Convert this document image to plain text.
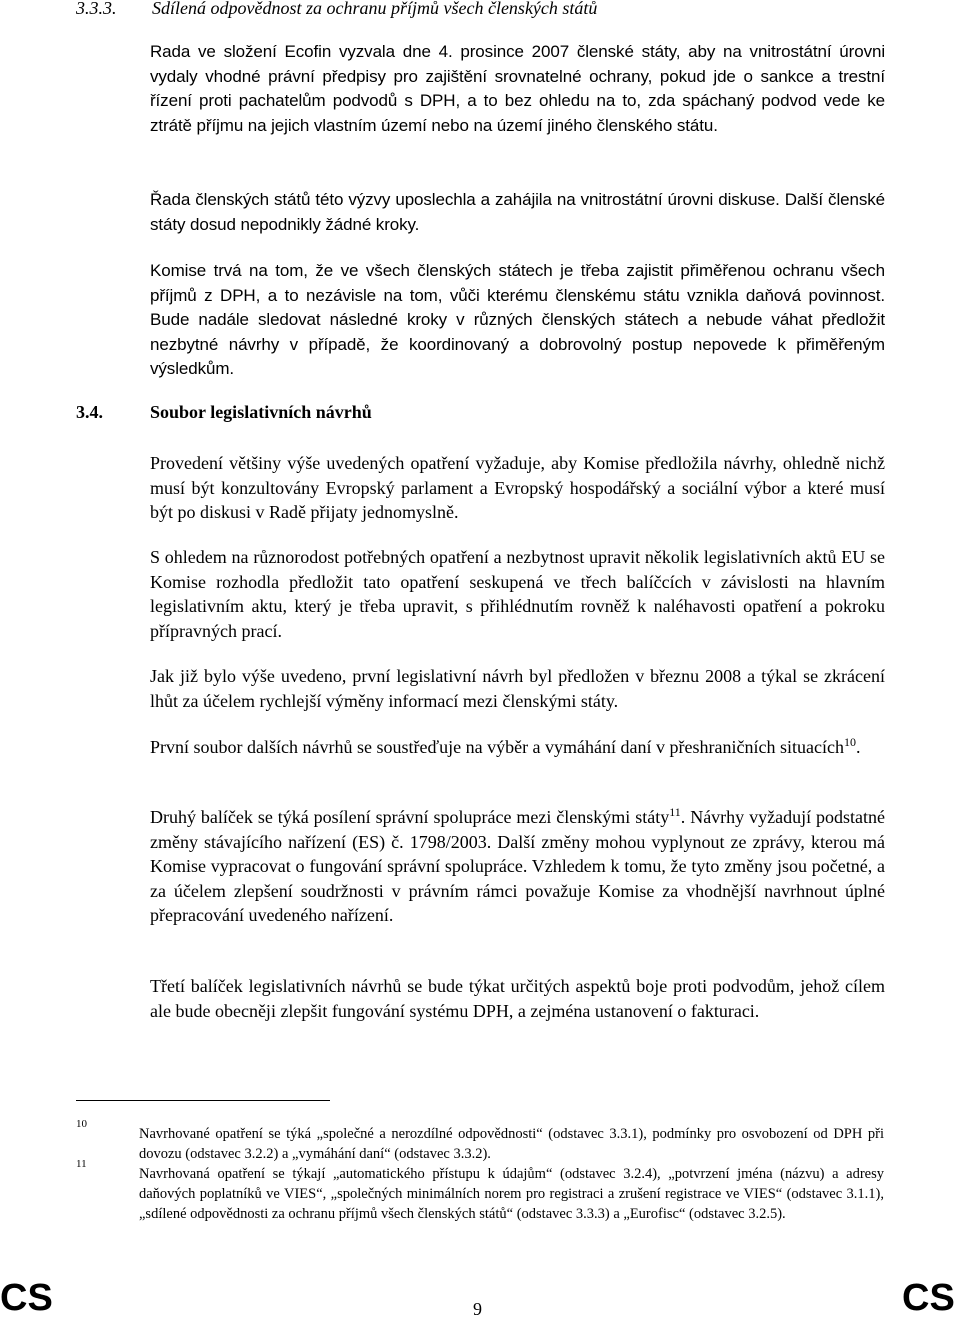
3.3.3. Sdílená odpovědnost za ochranu příjmů všech členských států

Rada ve složení Ecofin vyzvala dne 4. prosince 2007 členské státy, aby na vnitrostátní úrovni vydaly vhodné právní předpisy pro zajištění srovnatelné ochrany, pokud jde o sankce a trestní řízení proti pachatelům podvodů s DPH, a to bez ohledu na to, zda spáchaný podvod vede ke ztrátě příjmu na jejich vlastním území nebo na území jiného členského státu.

Řada členských států této výzvy uposlechla a zahájila na vnitrostátní úrovni diskuse. Další členské státy dosud nepodnikly žádné kroky.

Komise trvá na tom, že ve všech členských státech je třeba zajistit přiměřenou ochranu všech příjmů z DPH, a to nezávisle na tom, vůči kterému členskému státu vznikla daňová povinnost. Bude nadále sledovat následné kroky v různých členských státech a nebude váhat předložit nezbytné návrhy v případě, že koordinovaný a dobrovolný postup nepovede k přiměřeným výsledkům.

3.4.	Soubor legislativních návrhů

Provedení většiny výše uvedených opatření vyžaduje, aby Komise předložila návrhy, ohledně nichž musí být konzultovány Evropský parlament a Evropský hospodářský a sociální výbor a které musí být po diskusi v Radě přijaty jednomyslně.

S ohledem na různorodost potřebných opatření a nezbytnost upravit několik legislativních aktů EU se Komise rozhodla předložit tato opatření seskupená ve třech balíčcích v závislosti na hlavním legislativním aktu, který je třeba upravit, s přihlédnutím rovněž k naléhavosti opatření a pokroku přípravných prací.

Jak již bylo výše uvedeno, první legislativní návrh byl předložen v březnu 2008 a týkal se zkrácení lhůt za účelem rychlejší výměny informací mezi členskými státy.

První soubor dalších návrhů se soustřeďuje na výběr a vymáhání daní v přeshraničních situacích$^{10}$.

Druhý balíček se týká posílení správní spolupráce mezi členskými státy$^{11}$. Návrhy vyžadují podstatné změny stávajícího nařízení (ES) č. 1798/2003. Další změny mohou vyplynout ze zprávy, kterou má Komise vypracovat o fungování správní spolupráce. Vzhledem k tomu, že tyto změny jsou početné, a za účelem zlepšení soudržnosti v právním rámci považuje Komise za vhodnější navrhnout úplné přepracování uvedeného nařízení.

Třetí balíček legislativních návrhů se bude týkat určitých aspektů boje proti podvodům, jehož cílem ale bude obecněji zlepšit fungování systému DPH, a zejména ustanovení o fakturaci.

10
Navrhované opatření se týká „společné a nerozdílné odpovědnosti“ (odstavec 3.3.1), podmínky pro osvobození od DPH při dovozu (odstavec 3.2.2) a „vymáhání daní“ (odstavec 3.3.2).
11
Navrhovaná opatření se týkají „automatického přístupu k údajům“ (odstavec 3.2.4), „potvrzení jména (názvu) a adresy daňových poplatníků ve VIES“, „společných minimálních norem pro registraci a zrušení registrace ve VIES“ (odstavec 3.1.1), „sdílené odpovědnosti za ochranu příjmů všech členských států“ (odstavec 3.3.3) a „Eurofisc“ (odstavec 3.2.5).
CS	9	CS
